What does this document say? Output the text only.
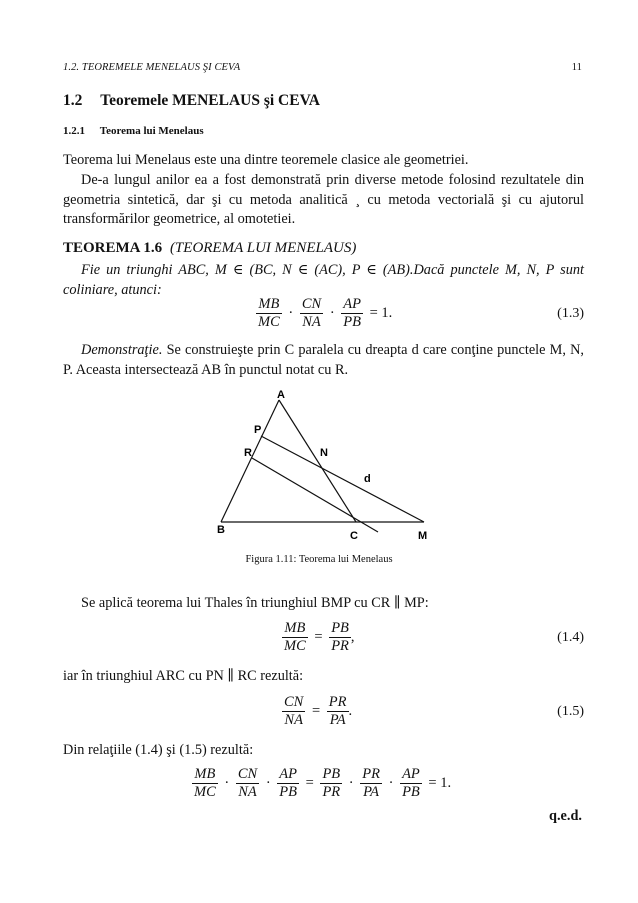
1.2. TEOREMELE MENELAUS ŞI CEVA	11
1.2 Teoremele MENELAUS şi CEVA
1.2.1 Teorema lui Menelaus
Teorema lui Menelaus este una dintre teoremele clasice ale geometriei.
De-a lungul anilor ea a fost demonstrată prin diverse metode folosind rezultatele din geometria sintetică, dar şi cu metoda analitică ¸ cu metoda vectorială şi cu ajutorul transformărilor geometrice, al omotetiei.
TEOREMA 1.6 (TEOREMA LUI MENELAUS)
Fie un triunghi ABC, M ∈ (BC, N ∈ (AC), P ∈ (AB).Dacă punctele M, N, P sunt coliniare, atunci:
$\frac{MB}{MC} \cdot \frac{CN}{NA} \cdot \frac{AP}{PB} = 1$.	(1.3)
Demonstraţie. Se construieşte prin C paralela cu dreapta d care conţine punctele M, N, P. Aceasta intersectează AB în punctul notat cu R.
A
P
R	N
d
B	C	M
Figura 1.11: Teorema lui Menelaus
Se aplică teorema lui Thales în triunghiul BMP cu CR ∥ MP:
$\frac{MB}{MC} = \frac{PB}{PR}$ ,	(1.4)
iar în triunghiul ARC cu PN ∥ RC rezultă:
$\frac{CN}{NA} = \frac{PR}{PA}$ .	(1.5)
Din relaţiile (1.4) şi (1.5) rezultă:
$\frac{MB}{MC} \cdot \frac{CN}{NA} \cdot \frac{AP}{PB} = \frac{PB}{PR} \cdot \frac{PR}{PA} \cdot \frac{AP}{PB} = 1$.
q.e.d.
